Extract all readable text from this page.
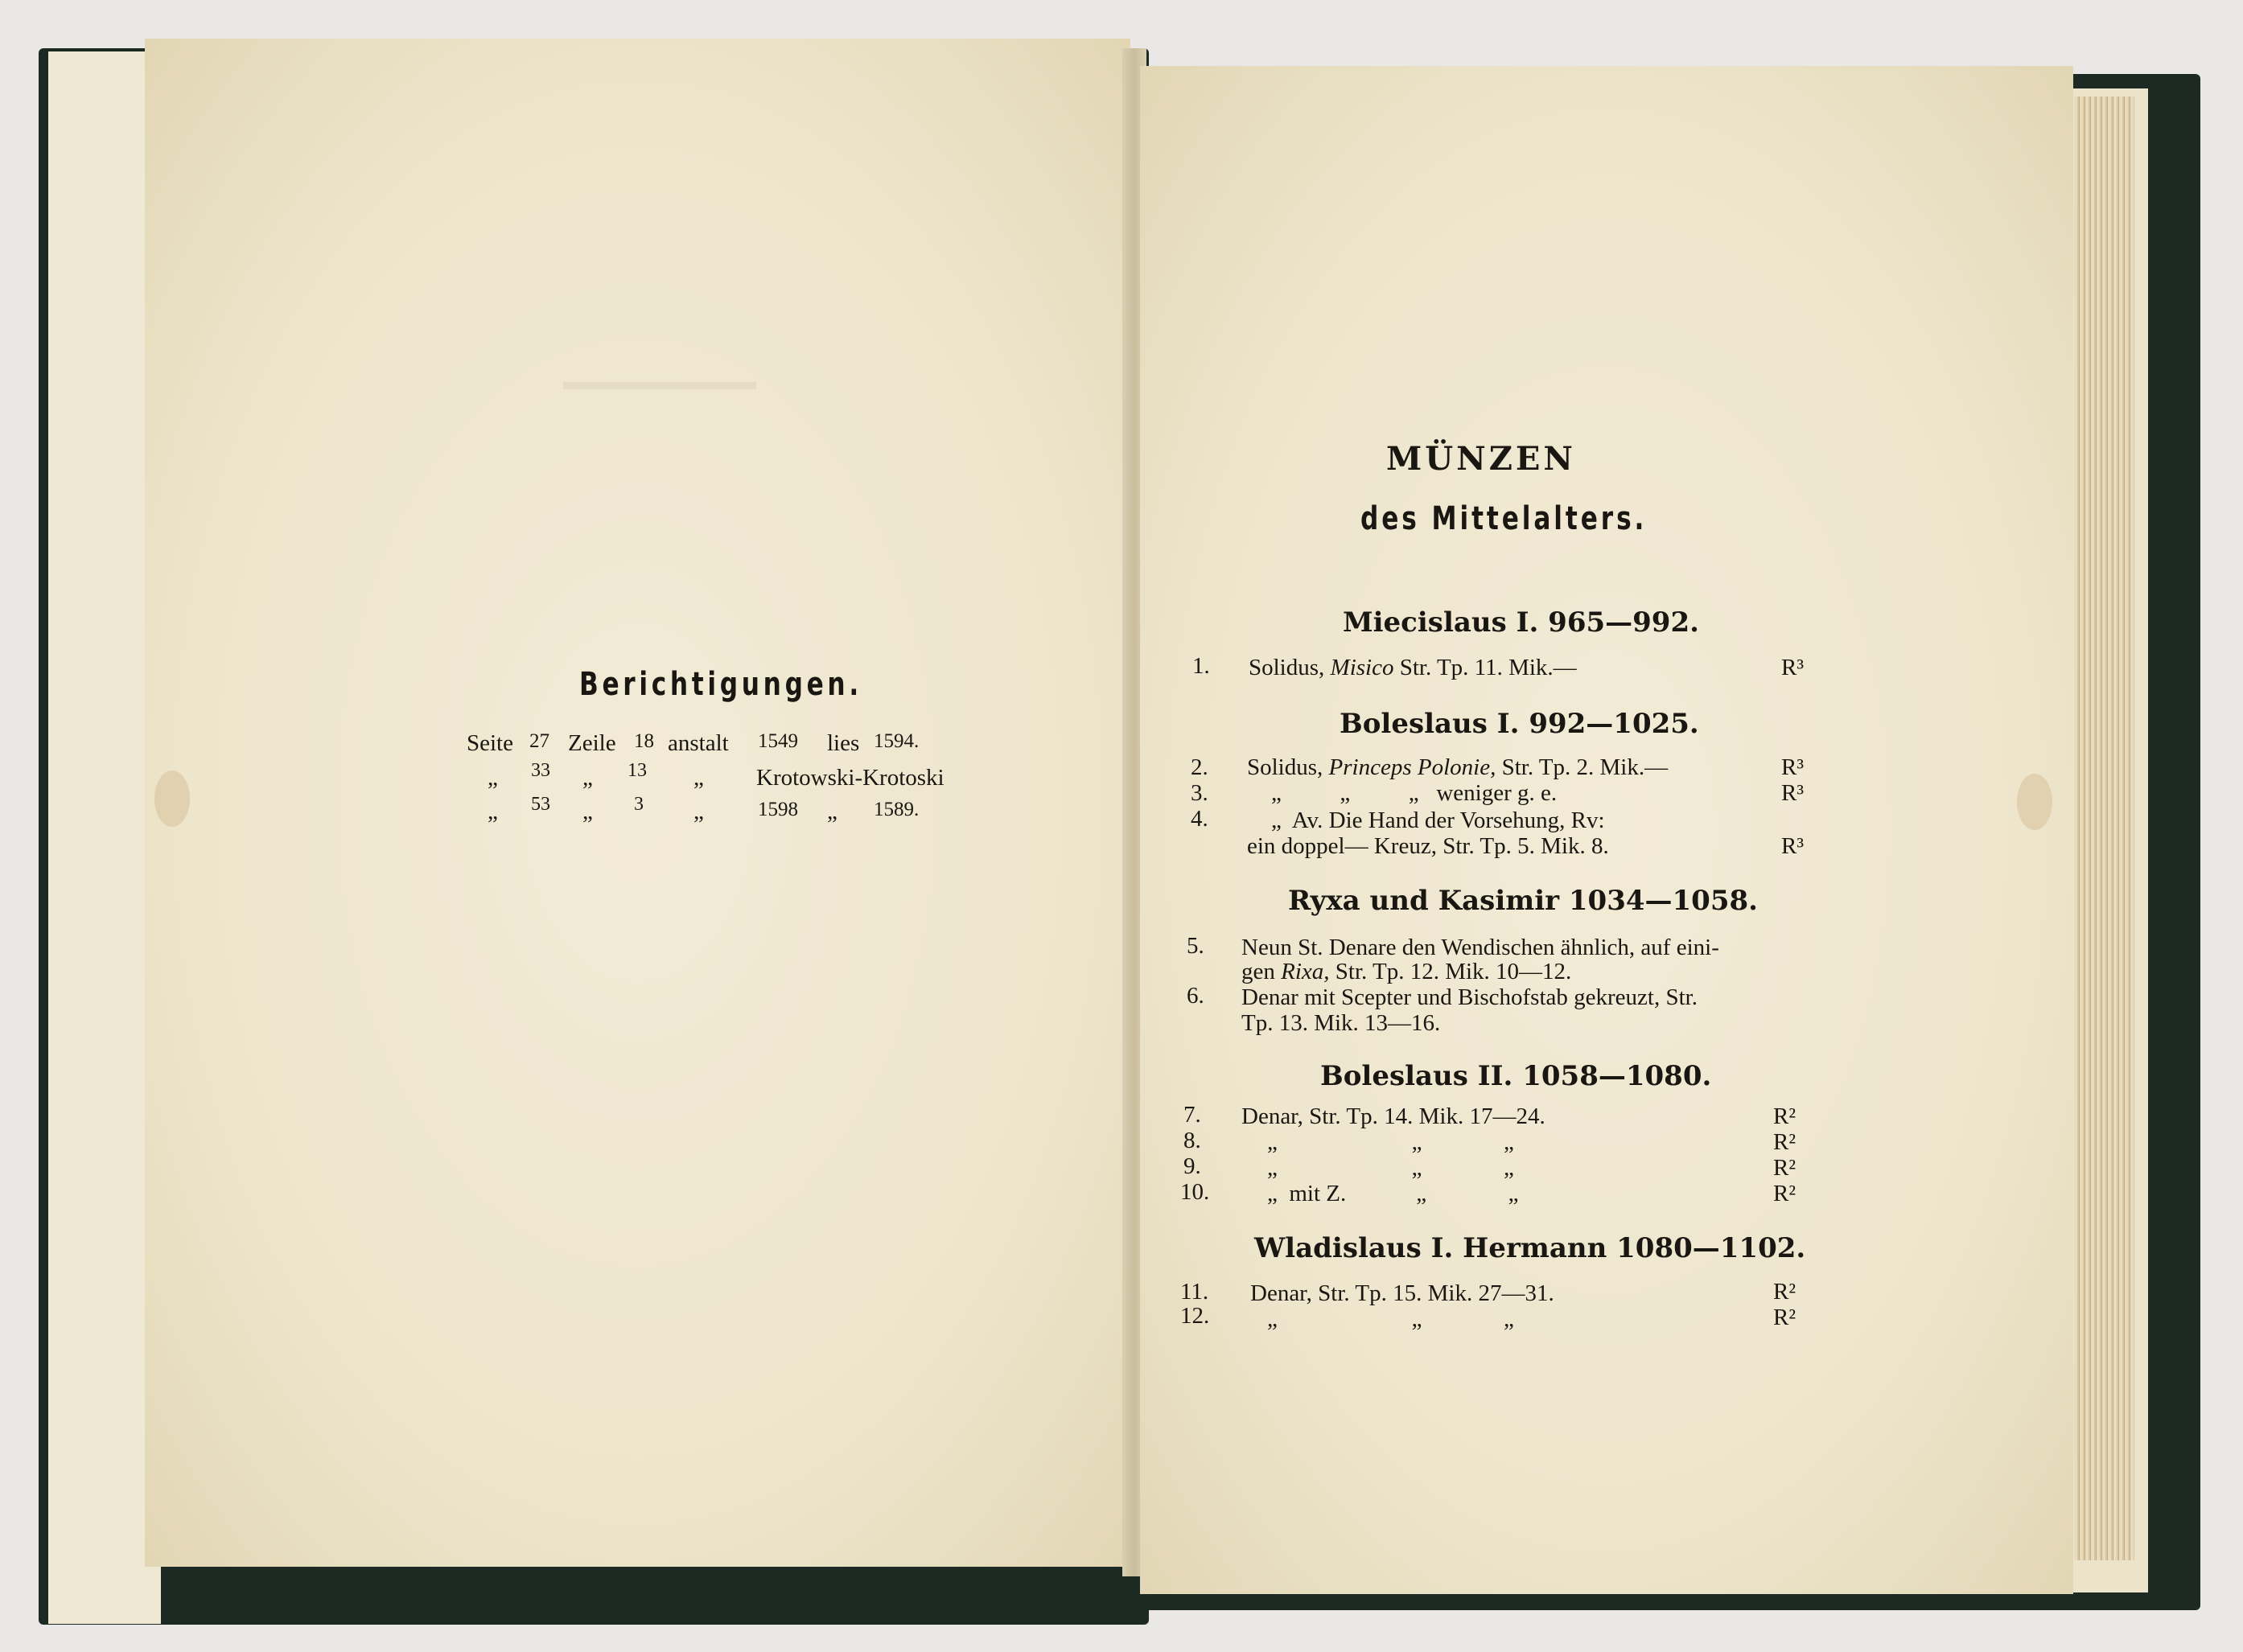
▬▬▬▬▬▬▬▬
Berichtigungen.
Seite 27 Zeile 18 anstalt 1549 lies 1594.
„ 33 „ 13 „ Krotowski-Krotoski
„ 53 „ 3 „	1598 „ 1589.
MÜNZEN
des Mittelalters.
Miecislaus I. 965—992.
1. Solidus, Misico Str. Tp. 11. Mik.—	R³
Boleslaus I. 992—1025.
2. Solidus, Princeps Polonie, Str. Tp. 2. Mik.—	R³
3.	„          „          „   weniger g. e.	R³
4.	„  Av. Die Hand der Vorsehung, Rv:
ein doppel— Kreuz, Str. Tp. 5. Mik. 8.	R³
Ryxa und Kasimir 1034—1058.
5. Neun St. Denare den Wendischen ähnlich, auf eini-
gen Rixa, Str. Tp. 12. Mik. 10—12.
6. Denar mit Scepter und Bischofstab gekreuzt, Str.
Tp. 13. Mik. 13—16.
Boleslaus II. 1058—1080.
7. Denar, Str. Tp. 14. Mik. 17—24.	R²
8.	„                       „              „	R²
9.	„                       „              „	R²
10. „  mit Z.            „              „	R²
Wladislaus I. Hermann 1080—1102.
11. Denar, Str. Tp. 15. Mik. 27—31.	R²
12. „                       „              „	R²
